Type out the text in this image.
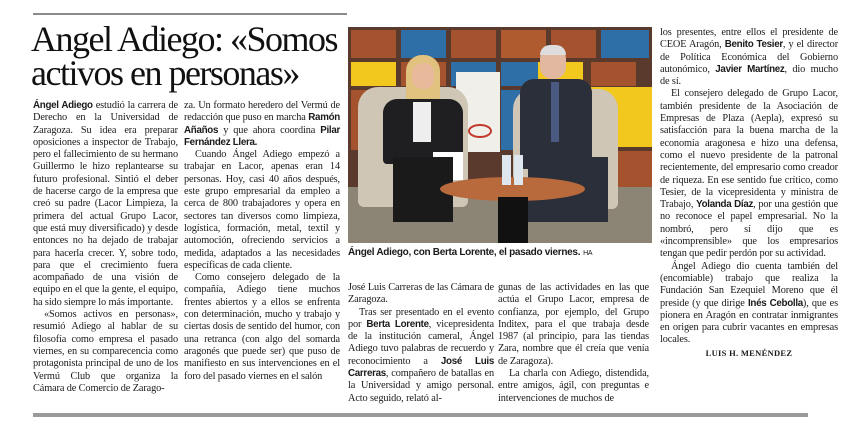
Angel Adiego: «Somos
activos en personas»

Ángel Adiego estudió la carrera de Derecho en la Universidad de Zaragoza. Su idea era preparar oposiciones a inspector de Trabajo, pero el fallecimiento de su hermano Guillermo le hizo replantearse su futuro profesional. Sintió el deber de hacerse cargo de la empresa que creó su padre (Lacor Limpieza, la primera del actual Grupo Lacor, que está muy diversificado) y desde entonces no ha dejado de trabajar para hacerla crecer. Y, sobre todo, para que el crecimiento fuera acompañado de una visión de equipo en el que la gente, el equipo, ha sido siempre lo más importante.

«Somos activos en personas», resumió Adiego al hablar de su filosofía como empresa el pasado viernes, en su comparecencia como protagonista principal de uno de los Vermú Club que organiza la Cámara de Comercio de Zarago-

za. Un formato heredero del Vermú de redacción que puso en marcha Ramón Añaños y que ahora coordina Pilar Fernández Llera.

Cuando Ángel Adiego empezó a trabajar en Lacor, apenas eran 14 personas. Hoy, casi 40 años después, este grupo empresarial da empleo a cerca de 800 trabajadores y opera en sectores tan diversos como limpieza, logística, formación, metal, textil y automoción, ofreciendo servicios a medida, adaptados a las necesidades específicas de cada cliente.

Como consejero delegado de la compañía, Adiego tiene muchos frentes abiertos y a ellos se enfrenta con determinación, mucho y trabajo y ciertas dosis de sentido del humor, con una retranca (con algo del somarda aragonés que puede ser) que puso de manifiesto en sus intervenciones en el foro del pasado viernes en el salón

Ángel Adiego, con Berta Lorente, el pasado viernes. HA

José Luis Carreras de las Cámara de Zaragoza.

Tras ser presentado en el evento por Berta Lorente, vicepresidenta de la institución cameral, Ángel Adiego tuvo palabras de recuerdo y reconocimiento a José Luis Carreras, compañero de batallas en la Universidad y amigo personal. Acto seguido, relató al-

gunas de las actividades en las que actúa el Grupo Lacor, empresa de confianza, por ejemplo, del Grupo Inditex, para el que trabaja desde 1987 (al principio, para las tiendas Zara, nombre que él creía que venía de Zaragoza).

La charla con Adiego, distendida, entre amigos, ágil, con preguntas e intervenciones de muchos de

los presentes, entre ellos el presidente de CEOE Aragón, Benito Tesier, y el director de Política Económica del Gobierno autonómico, Javier Martínez, dio mucho de sí.

El consejero delegado de Grupo Lacor, también presidente de la Asociación de Empresas de Plaza (Aepla), expresó su satisfacción para la buena marcha de la economía aragonesa e hizo una defensa, como el nuevo presidente de la patronal recientemente, del empresario como creador de riqueza. En ese sentido fue crítico, como Tesier, de la vicepresidenta y ministra de Trabajo, Yolanda Díaz, por una gestión que no reconoce el papel empresarial. No la nombró, pero sí dijo que es «incomprensible» que los empresarios tengan que pedir perdón por su actividad.

Ángel Adiego dio cuenta también del (encomiable) trabajo que realiza la Fundación San Ezequiel Moreno que él preside (y que dirige Inés Cebolla), que es pionera en Aragón en contratar inmigrantes en origen para cubrir vacantes en empresas locales.

LUIS H. MENÉNDEZ
